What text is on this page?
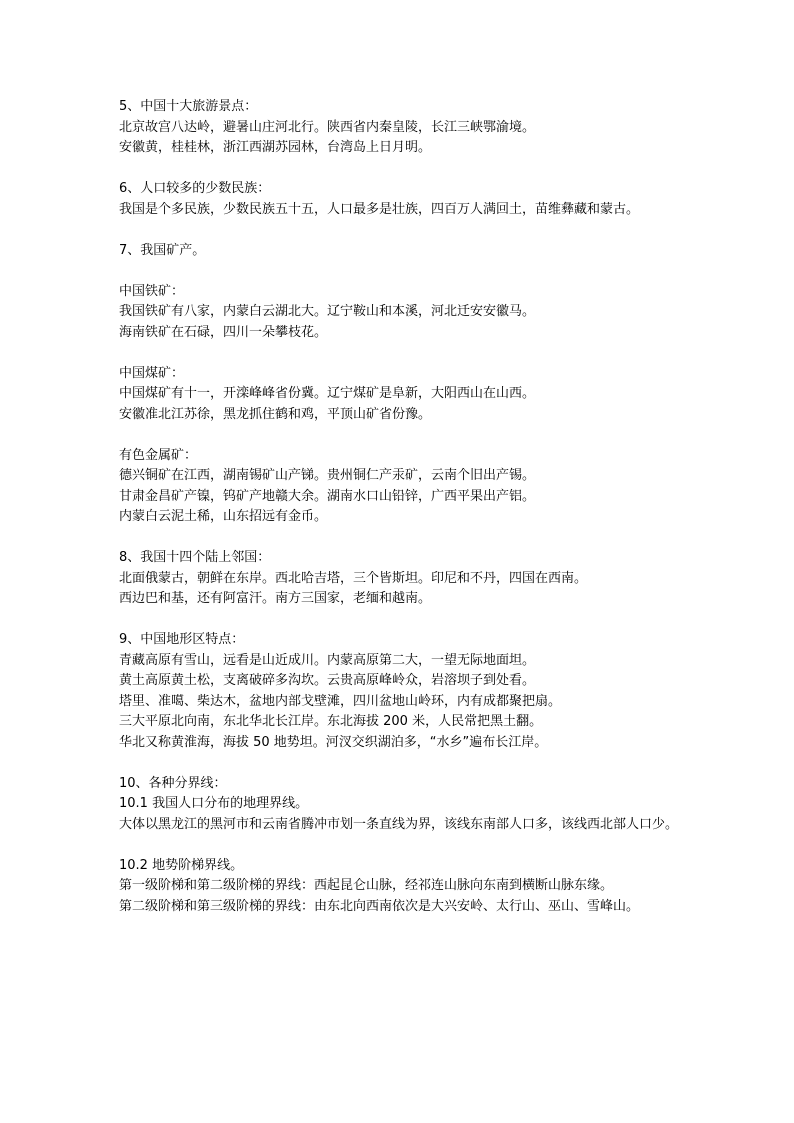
5、中国十大旅游景点：
北京故宫八达岭，避暑山庄河北行。陕西省内秦皇陵，长江三峡鄂渝境。
安徽黄，桂桂林，浙江西湖苏园林，台湾岛上日月明。
6、人口较多的少数民族：
我国是个多民族，少数民族五十五，人口最多是壮族，四百万人满回土，苗维彝藏和蒙古。
7、我国矿产。
中国铁矿：
我国铁矿有八家，内蒙白云湖北大。辽宁鞍山和本溪，河北迁安安徽马。
海南铁矿在石碌，四川一朵攀枝花。
中国煤矿：
中国煤矿有十一，开滦峰峰省份冀。辽宁煤矿是阜新，大阳西山在山西。
安徽准北江苏徐，黑龙抓住鹤和鸡，平顶山矿省份豫。
有色金属矿：
德兴铜矿在江西，湖南锡矿山产锑。贵州铜仁产汞矿，云南个旧出产锡。
甘肃金昌矿产镍，钨矿产地赣大余。湖南水口山铅锌，广西平果出产铝。
内蒙白云泥土稀，山东招远有金币。
8、我国十四个陆上邻国：
北面俄蒙古，朝鲜在东岸。西北哈吉塔，三个皆斯坦。印尼和不丹，四国在西南。
西边巴和基，还有阿富汗。南方三国家，老缅和越南。
9、中国地形区特点：
青藏高原有雪山，远看是山近成川。内蒙高原第二大，一望无际地面坦。
黄土高原黄土松，支离破碎多沟坎。云贵高原峰岭众，岩溶坝子到处看。
塔里、准噶、柴达木，盆地内部戈壁滩，四川盆地山岭环，内有成都聚把扇。
三大平原北向南，东北华北长江岸。东北海拔 200 米，人民常把黑土翻。
华北又称黄淮海，海拔 50 地势坦。河汊交织湖泊多，“水乡”遍布长江岸。
10、各种分界线：
10.1 我国人口分布的地理界线。
大体以黑龙江的黑河市和云南省腾冲市划一条直线为界，该线东南部人口多，该线西北部人口少。
10.2 地势阶梯界线。
第一级阶梯和第二级阶梯的界线：西起昆仑山脉，经祁连山脉向东南到横断山脉东缘。
第二级阶梯和第三级阶梯的界线：由东北向西南依次是大兴安岭、太行山、巫山、雪峰山。
